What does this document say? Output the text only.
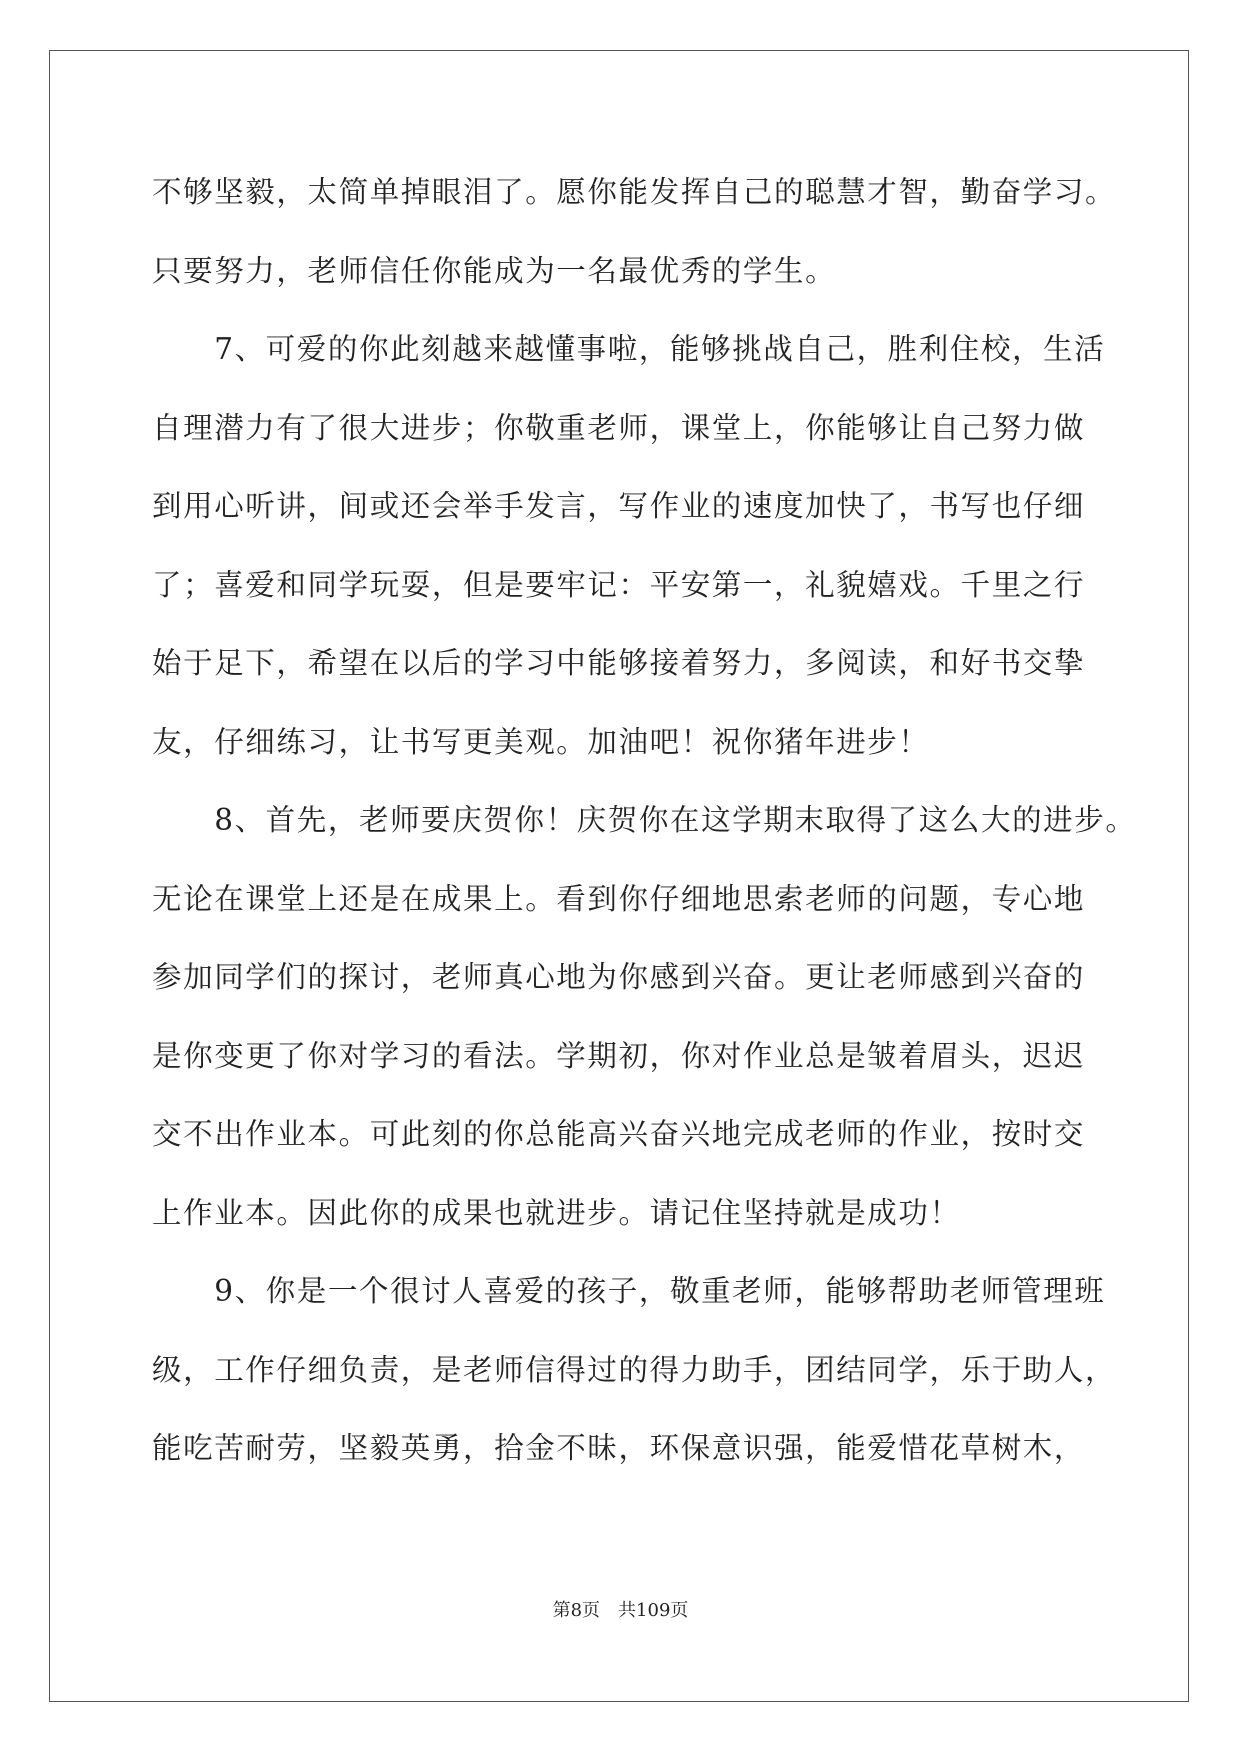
不够坚毅，太简单掉眼泪了。愿你能发挥自己的聪慧才智，勤奋学习。
只要努力，老师信任你能成为一名最优秀的学生。
　　7、可爱的你此刻越来越懂事啦，能够挑战自己，胜利住校，生活
自理潜力有了很大进步；你敬重老师，课堂上，你能够让自己努力做
到用心听讲，间或还会举手发言，写作业的速度加快了，书写也仔细
了；喜爱和同学玩耍，但是要牢记：平安第一，礼貌嬉戏。千里之行
始于足下，希望在以后的学习中能够接着努力，多阅读，和好书交挚
友，仔细练习，让书写更美观。加油吧！祝你猪年进步！
　　8、首先，老师要庆贺你！庆贺你在这学期末取得了这么大的进步。
无论在课堂上还是在成果上。看到你仔细地思索老师的问题，专心地
参加同学们的探讨，老师真心地为你感到兴奋。更让老师感到兴奋的
是你变更了你对学习的看法。学期初，你对作业总是皱着眉头，迟迟
交不出作业本。可此刻的你总能高兴奋兴地完成老师的作业，按时交
上作业本。因此你的成果也就进步。请记住坚持就是成功！
　　9、你是一个很讨人喜爱的孩子，敬重老师，能够帮助老师管理班
级，工作仔细负责，是老师信得过的得力助手，团结同学，乐于助人，
能吃苦耐劳，坚毅英勇，拾金不昧，环保意识强，能爱惜花草树木，
第8页　共109页
